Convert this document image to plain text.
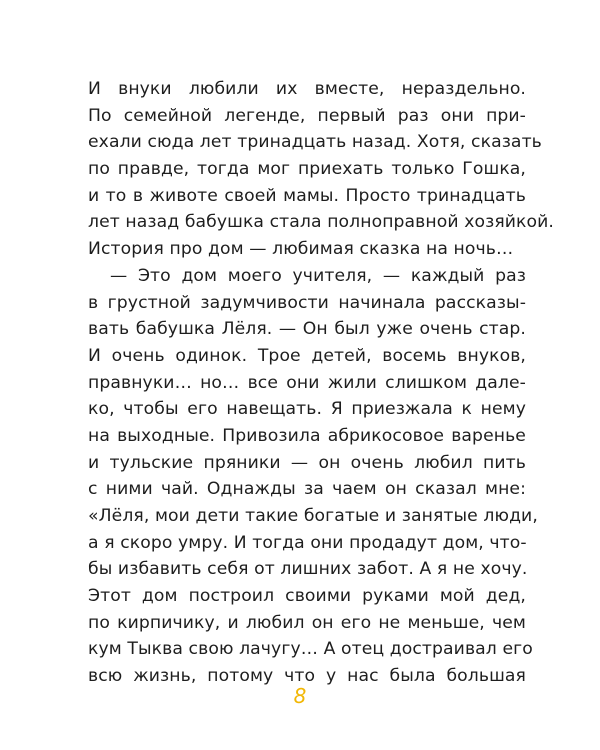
И внуки любили их вместе, нераздельно.
По семейной легенде, первый раз они при-
ехали сюда лет тринадцать назад. Хотя, сказать
по правде, тогда мог приехать только Гошка,
и то в животе своей мамы. Просто тринадцать
лет назад бабушка стала полноправной хозяйкой.
История про дом — любимая сказка на ночь…
— Это дом моего учителя, — каждый раз
в грустной задумчивости начинала рассказы-
вать бабушка Лёля. — Он был уже очень стар.
И очень одинок. Трое детей, восемь внуков,
правнуки… но… все они жили слишком дале-
ко, чтобы его навещать. Я приезжала к нему
на выходные. Привозила абрикосовое варенье
и тульские пряники — он очень любил пить
с ними чай. Однажды за чаем он сказал мне:
«Лёля, мои дети такие богатые и занятые люди,
а я скоро умру. И тогда они продадут дом, что-
бы избавить себя от лишних забот. А я не хочу.
Этот дом построил своими руками мой дед,
по кирпичику, и любил он его не меньше, чем
кум Тыква свою лачугу… А отец достраивал его
всю жизнь, потому что у нас была большая
8
